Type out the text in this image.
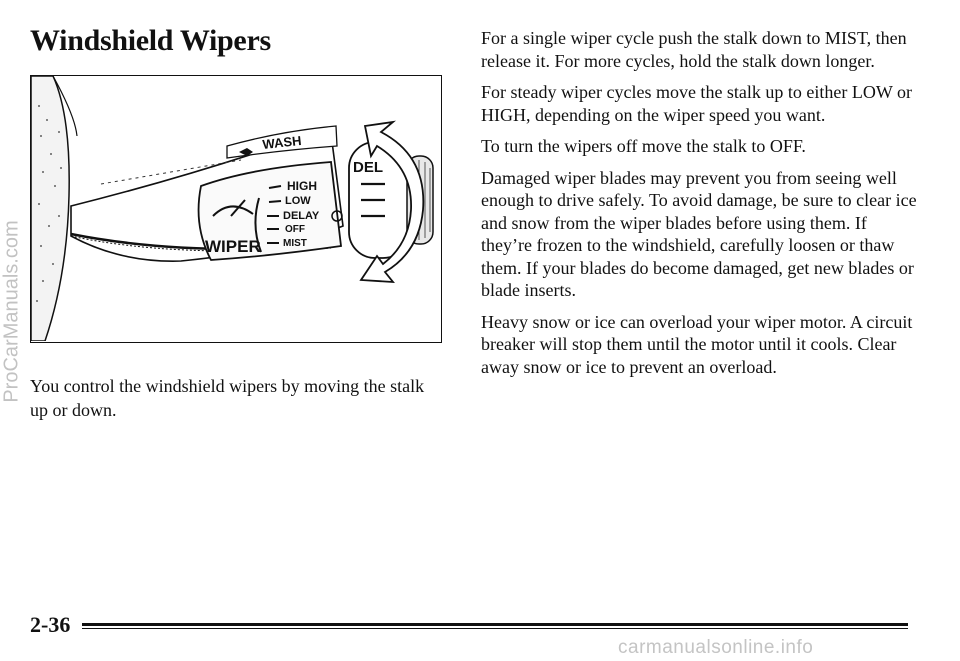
Windshield Wipers
WASH
WIPER
HIGH
LOW
DELAY
OFF
MIST
DEL

You control the windshield wipers by moving the stalk up or down.

For a single wiper cycle push the stalk down to MIST, then release it. For more cycles, hold the stalk down longer.

For steady wiper cycles move the stalk up to either LOW or HIGH, depending on the wiper speed you want.

To turn the wipers off move the stalk to OFF.

Damaged wiper blades may prevent you from seeing well enough to drive safely. To avoid damage, be sure to clear ice and snow from the wiper blades before using them. If they’re frozen to the windshield, carefully loosen or thaw them. If your blades do become damaged, get new blades or blade inserts.

Heavy snow or ice can overload your wiper motor. A circuit breaker will stop them until the motor until it cools. Clear away snow or ice to prevent an overload.

ProCarManuals.com
2-36
carmanualsonline.info
